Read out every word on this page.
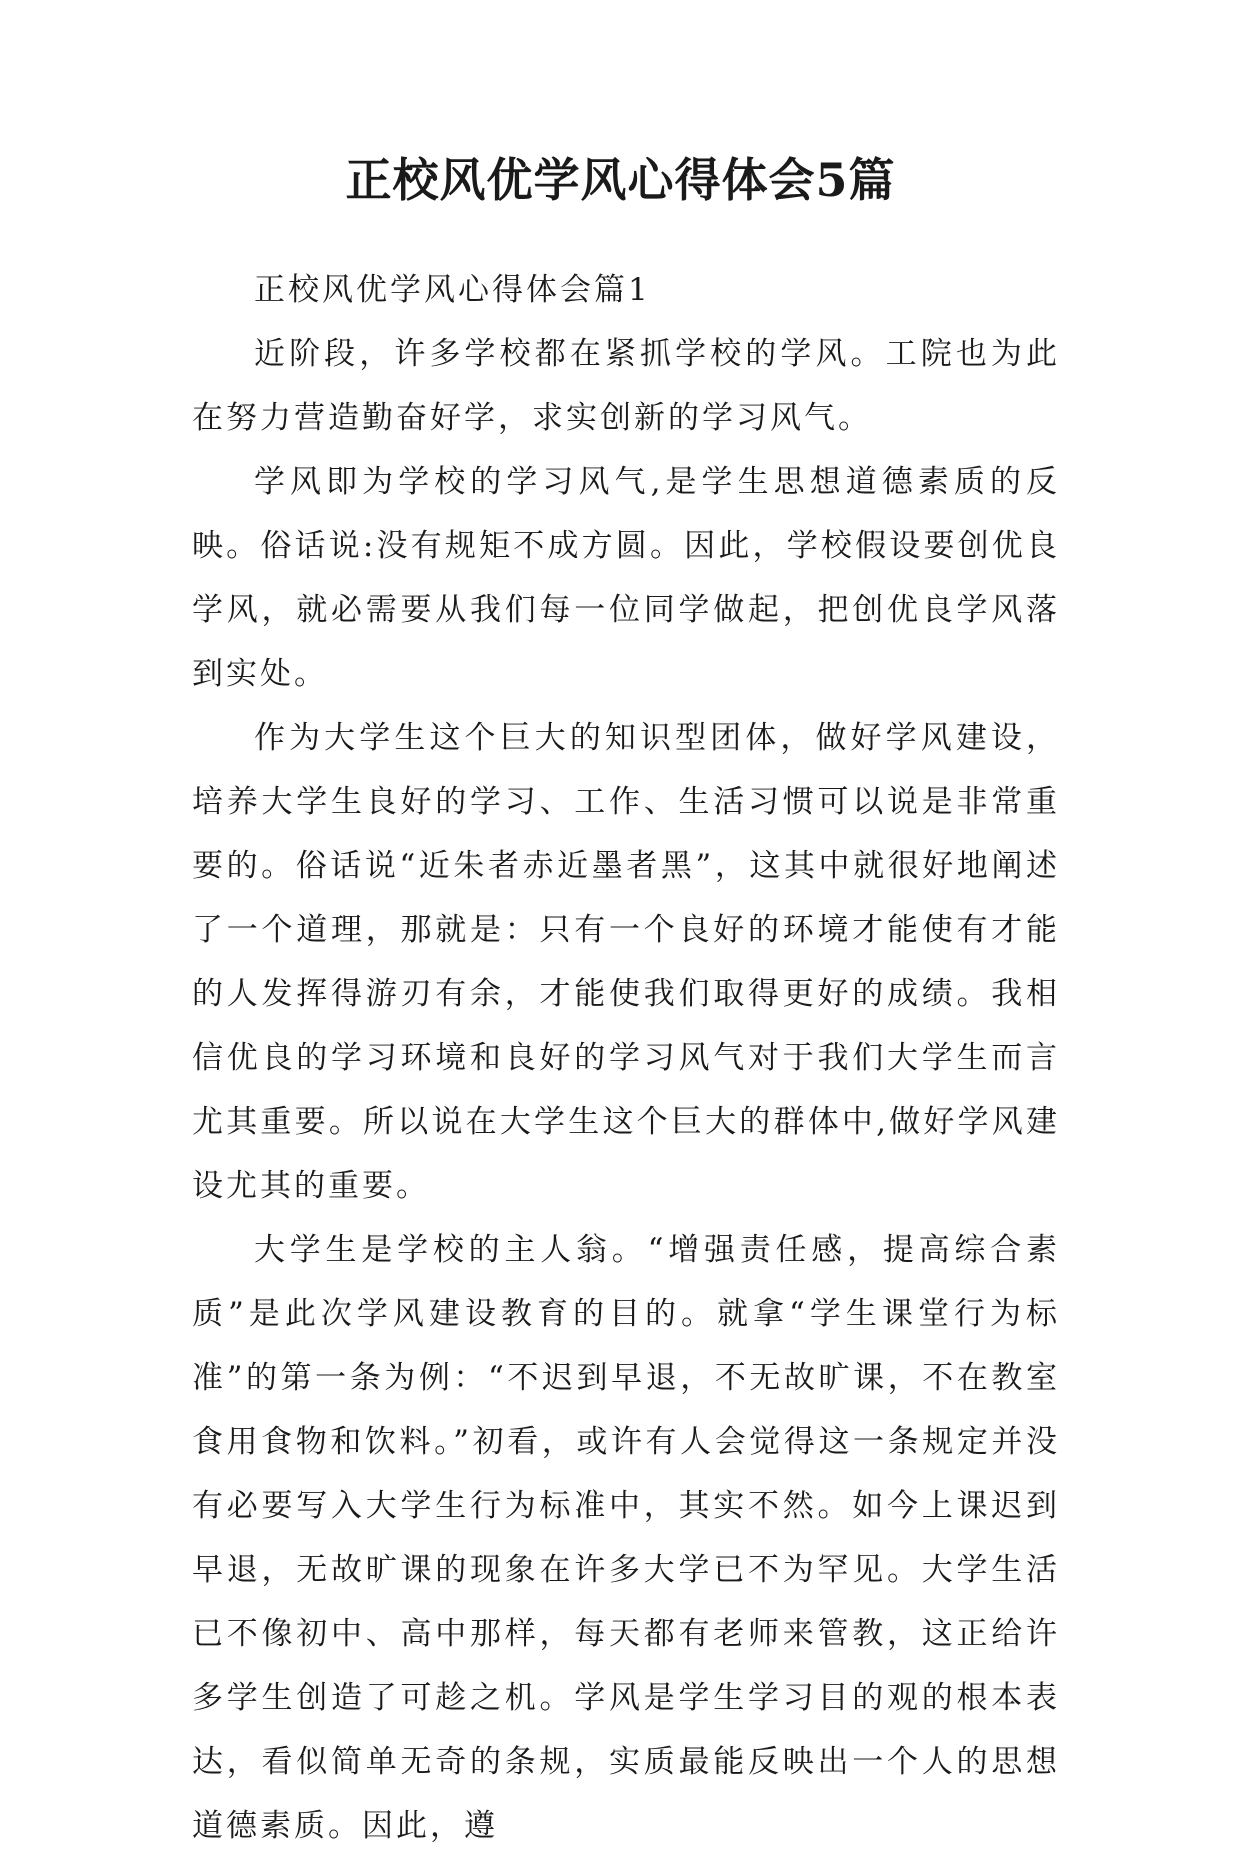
正校风优学风心得体会5篇

正校风优学风心得体会篇1

近阶段，许多学校都在紧抓学校的学风。工院也为此在努力营造勤奋好学，求实创新的学习风气。

学风即为学校的学习风气,是学生思想道德素质的反映。俗话说:没有规矩不成方圆。因此，学校假设要创优良学风，就必需要从我们每一位同学做起，把创优良学风落到实处。

作为大学生这个巨大的知识型团体，做好学风建设，培养大学生良好的学习、工作、生活习惯可以说是非常重要的。俗话说“近朱者赤近墨者黑”，这其中就很好地阐述了一个道理，那就是：只有一个良好的环境才能使有才能的人发挥得游刃有余，才能使我们取得更好的成绩。我相信优良的学习环境和良好的学习风气对于我们大学生而言尤其重要。所以说在大学生这个巨大的群体中,做好学风建设尤其的重要。

大学生是学校的主人翁。“增强责任感，提高综合素质”是此次学风建设教育的目的。就拿“学生课堂行为标准”的第一条为例：“不迟到早退，不无故旷课，不在教室食用食物和饮料。”初看，或许有人会觉得这一条规定并没有必要写入大学生行为标准中，其实不然。如今上课迟到早退，无故旷课的现象在许多大学已不为罕见。大学生活已不像初中、高中那样，每天都有老师来管教，这正给许多学生创造了可趁之机。学风是学生学习目的观的根本表达，看似简单无奇的条规，实质最能反映出一个人的思想道德素质。因此，遵
